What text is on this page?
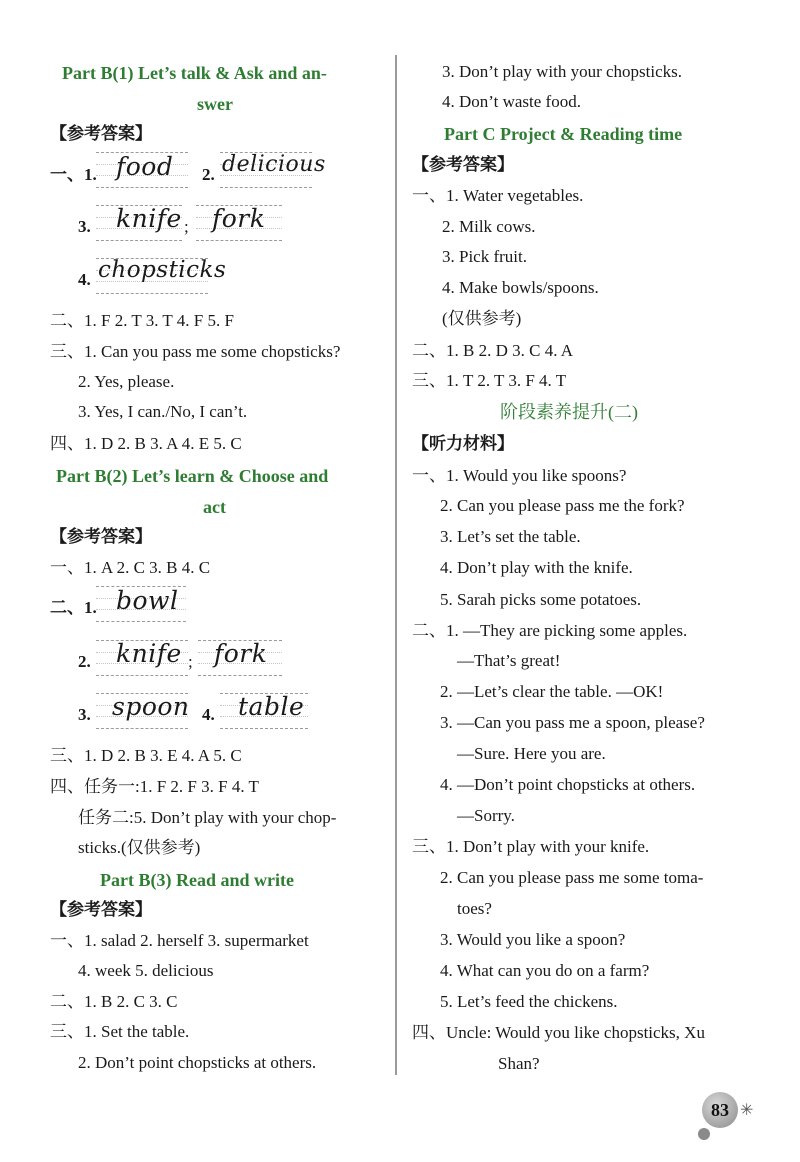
Part B(1) Let’s talk & Ask and an-
swer
【参考答案】
一、1. food 2. delicious
3. knife ; fork
4. chopsticks
二、1. F 2. T 3. T 4. F 5. F
三、1. Can you pass me some chopsticks?
2. Yes, please.
3. Yes, I can./No, I can’t.
四、1. D 2. B 3. A 4. E 5. C
Part B(2) Let’s learn & Choose and
act
【参考答案】
一、1. A 2. C 3. B 4. C
二、1. bowl
2. knife ; fork
3. spoon 4. table
三、1. D 2. B 3. E 4. A 5. C
四、任务一:1. F 2. F 3. F 4. T
任务二:5. Don’t play with your chop-
sticks.(仅供参考)
Part B(3) Read and write
【参考答案】
一、1. salad 2. herself 3. supermarket
4. week 5. delicious
二、1. B 2. C 3. C
三、1. Set the table.
2. Don’t point chopsticks at others.
3. Don’t play with your chopsticks.
4. Don’t waste food.
Part C Project & Reading time
【参考答案】
一、1. Water vegetables.
2. Milk cows.
3. Pick fruit.
4. Make bowls/spoons.
(仅供参考)
二、1. B 2. D 3. C 4. A
三、1. T 2. T 3. F 4. T
阶段素养提升(二)
【听力材料】
一、1. Would you like spoons?
2. Can you please pass me the fork?
3. Let’s set the table.
4. Don’t play with the knife.
5. Sarah picks some potatoes.
二、1. —They are picking some apples.
—That’s great!
2. —Let’s clear the table. —OK!
3. —Can you pass me a spoon, please?
—Sure. Here you are.
4. —Don’t point chopsticks at others.
—Sorry.
三、1. Don’t play with your knife.
2. Can you please pass me some toma-
toes?
3. Would you like a spoon?
4. What can you do on a farm?
5. Let’s feed the chickens.
四、Uncle: Would you like chopsticks, Xu
Shan?
83 ✳
